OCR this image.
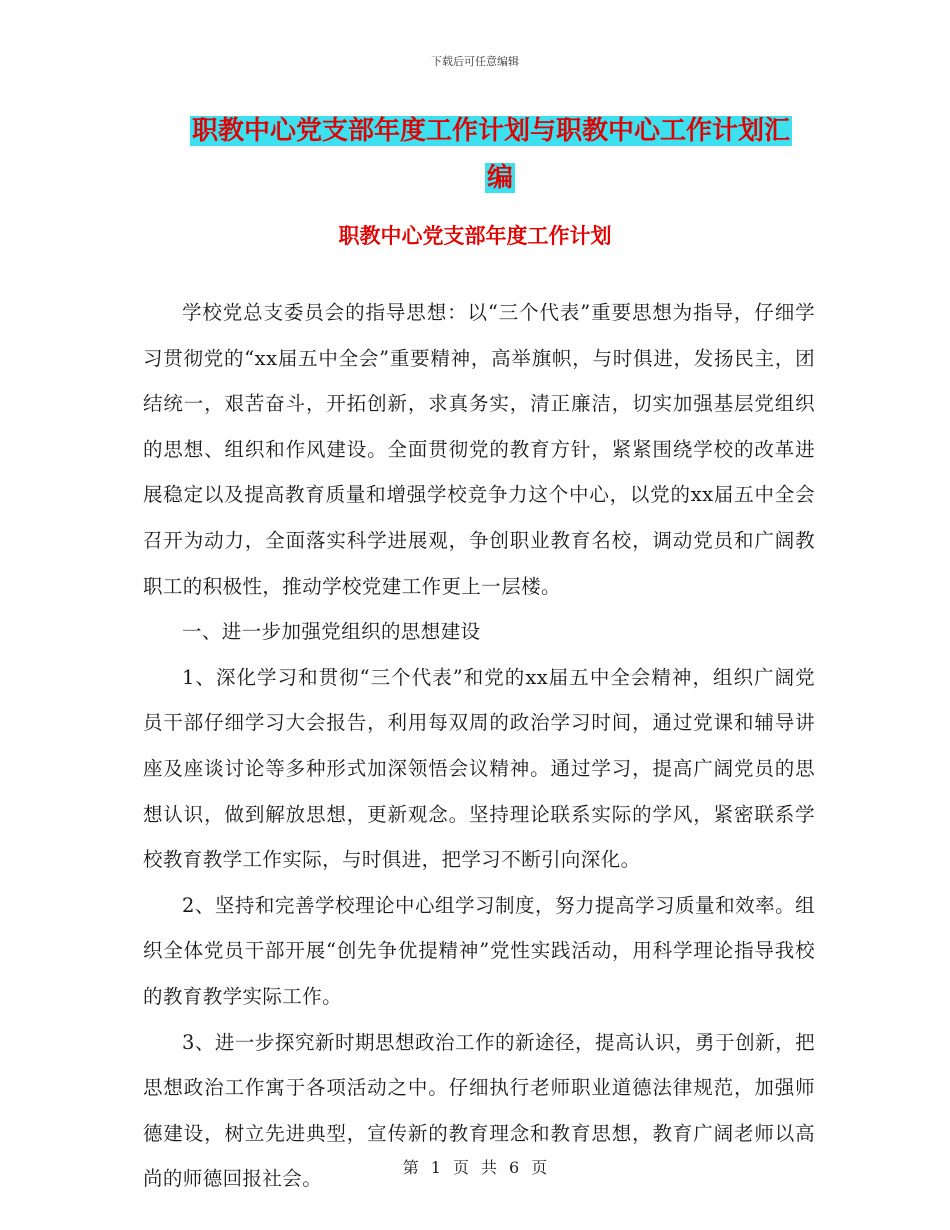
下载后可任意编辑
职教中心党支部年度工作计划与职教中心工作计划汇
编
职教中心党支部年度工作计划

学校党总支委员会的指导思想：以“三个代表”重要思想为指导，仔细学习贯彻党的“xx届五中全会”重要精神，高举旗帜，与时俱进，发扬民主，团结统一，艰苦奋斗，开拓创新，求真务实，清正廉洁，切实加强基层党组织的思想、组织和作风建设。全面贯彻党的教育方针，紧紧围绕学校的改革进展稳定以及提高教育质量和增强学校竞争力这个中心，以党的xx届五中全会召开为动力，全面落实科学进展观，争创职业教育名校，调动党员和广阔教职工的积极性，推动学校党建工作更上一层楼。

一、进一步加强党组织的思想建设

1、深化学习和贯彻“三个代表”和党的xx届五中全会精神，组织广阔党员干部仔细学习大会报告，利用每双周的政治学习时间，通过党课和辅导讲座及座谈讨论等多种形式加深领悟会议精神。通过学习，提高广阔党员的思想认识，做到解放思想，更新观念。坚持理论联系实际的学风，紧密联系学校教育教学工作实际，与时俱进，把学习不断引向深化。

2、坚持和完善学校理论中心组学习制度，努力提高学习质量和效率。组织全体党员干部开展“创先争优提精神”党性实践活动，用科学理论指导我校的教育教学实际工作。

3、进一步探究新时期思想政治工作的新途径，提高认识，勇于创新，把思想政治工作寓于各项活动之中。仔细执行老师职业道德法律规范，加强师德建设，树立先进典型，宣传新的教育理念和教育思想，教育广阔老师以高尚的师德回报社会。	第 1 页 共 6 页
